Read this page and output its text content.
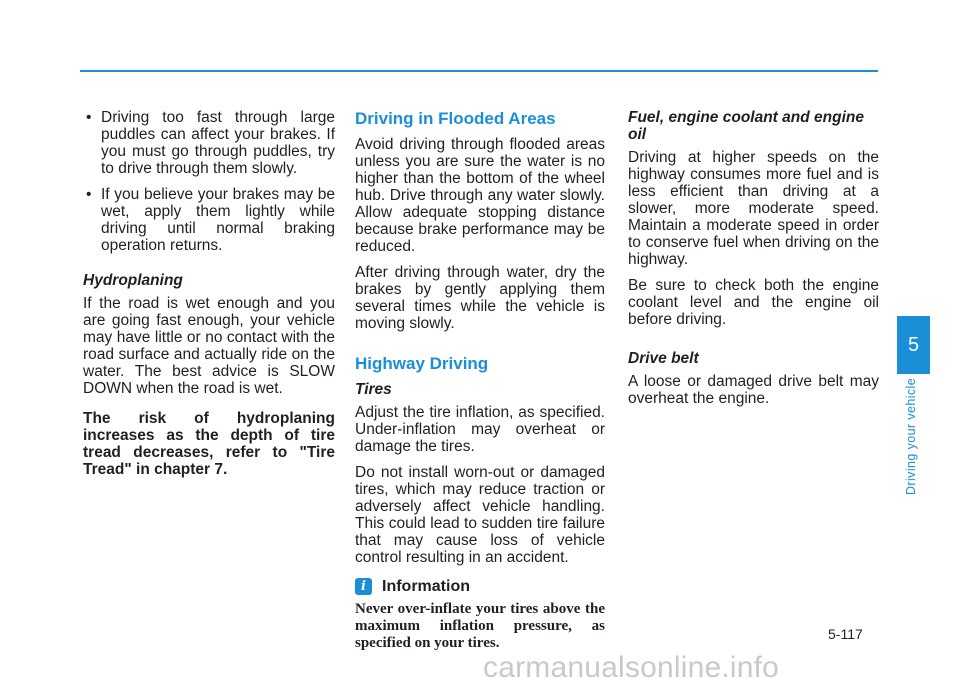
• Driving too fast through large puddles can affect your brakes. If you must go through puddles, try to drive through them slowly.
• If you believe your brakes may be wet, apply them lightly while driving until normal braking operation returns.
Hydroplaning

If the road is wet enough and you are going fast enough, your vehicle may have little or no contact with the road surface and actually ride on the water. The best advice is SLOW DOWN when the road is wet.

The risk of hydroplaning increases as the depth of tire tread decreases, refer to "Tire Tread" in chapter 7.

Driving in Flooded Areas

Avoid driving through flooded areas unless you are sure the water is no higher than the bottom of the wheel hub. Drive through any water slowly. Allow adequate stopping distance because brake performance may be reduced.

After driving through water, dry the brakes by gently applying them several times while the vehicle is moving slowly.

Highway Driving
Tires

Adjust the tire inflation, as specified. Under-inflation may overheat or damage the tires.

Do not install worn-out or damaged tires, which may reduce traction or adversely affect vehicle handling. This could lead to sudden tire failure that may cause loss of vehicle control resulting in an accident.

i	Information

Never over-inflate your tires above the maximum inflation pressure, as specified on your tires.

Fuel, engine coolant and engine oil

Driving at higher speeds on the highway consumes more fuel and is less efficient than driving at a slower, more moderate speed. Maintain a moderate speed in order to conserve fuel when driving on the highway.

Be sure to check both the engine coolant level and the engine oil before driving.

Drive belt

A loose or damaged drive belt may overheat the engine.

5
Driving your vehicle
5-117
carmanualsonline.info
